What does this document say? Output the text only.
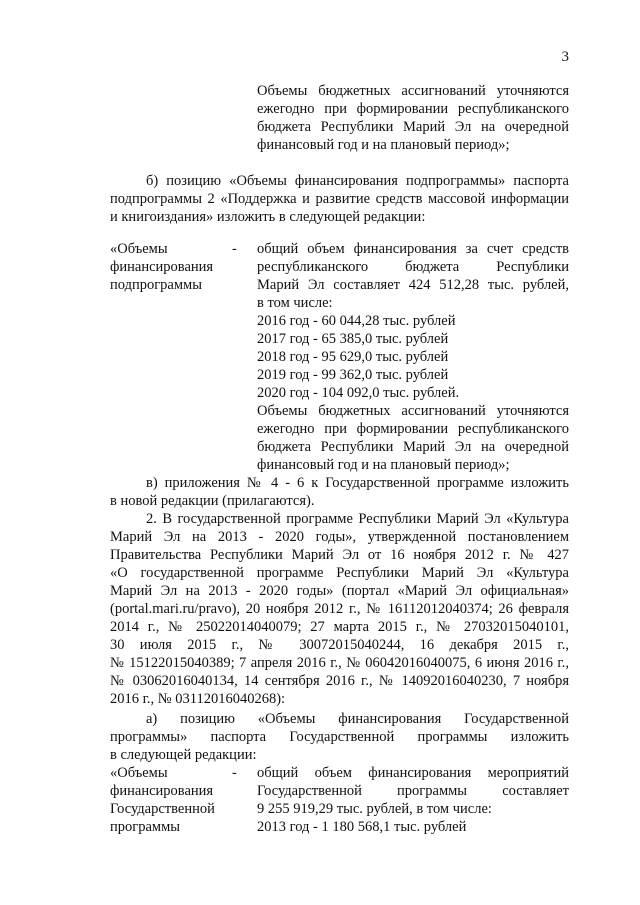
3
Объемы бюджетных ассигнований уточняются
ежегодно при формировании республиканского
бюджета Республики Марий Эл на очередной
финансовый год и на плановый период»;
б) позицию «Объемы финансирования подпрограммы» паспорта
подпрограммы 2 «Поддержка и развитие средств массовой информации
и книгоиздания» изложить в следующей редакции:
«Объемы
финансирования
подпрограммы
- общий объем финансирования за счет средств
республиканского бюджета Республики
Марий Эл составляет 424 512,28 тыс. рублей,
в том числе:
2016 год - 60 044,28 тыс. рублей
2017 год - 65 385,0 тыс. рублей
2018 год - 95 629,0 тыс. рублей
2019 год - 99 362,0 тыс. рублей
2020 год - 104 092,0 тыс. рублей.
Объемы бюджетных ассигнований уточняются
ежегодно при формировании республиканского
бюджета Республики Марий Эл на очередной
финансовый год и на плановый период»;
в) приложения № 4 - 6 к Государственной программе изложить
в новой редакции (прилагаются).
2. В государственной программе Республики Марий Эл «Культура
Марий Эл на 2013 - 2020 годы», утвержденной постановлением
Правительства Республики Марий Эл от 16 ноября 2012 г. № 427
«О государственной программе Республики Марий Эл «Культура
Марий Эл на 2013 - 2020 годы» (портал «Марий Эл официальная»
(portal.mari.ru/pravo), 20 ноября 2012 г., № 16112012040374; 26 февраля
2014 г., № 25022014040079; 27 марта 2015 г., № 27032015040101,
30 июля 2015 г., № 30072015040244, 16 декабря 2015 г.,
№ 15122015040389; 7 апреля 2016 г., № 06042016040075, 6 июня 2016 г.,
№ 03062016040134, 14 сентября 2016 г., № 14092016040230, 7 ноября
2016 г., № 03112016040268):
а) позицию «Объемы финансирования Государственной
программы» паспорта Государственной программы изложить
в следующей редакции:
«Объемы
финансирования
Государственной
программы
- общий объем финансирования мероприятий
Государственной программы составляет
9 255 919,29 тыс. рублей, в том числе:
2013 год - 1 180 568,1 тыс. рублей
